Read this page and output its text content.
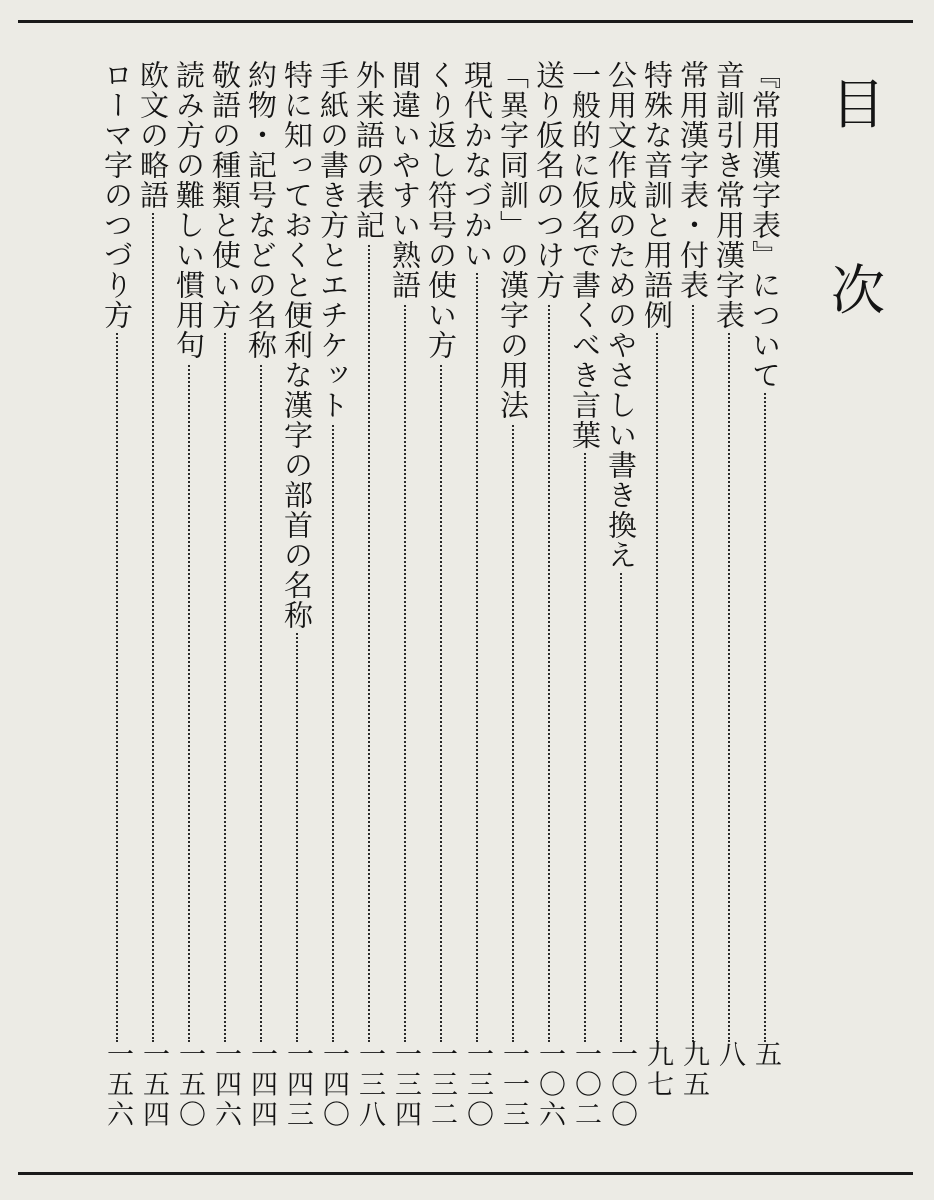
目
次
『常用漢字表』について
五
音訓引き常用漢字表
八
常用漢字表・付表
九五
特殊な音訓と用語例
九七
公用文作成のためのやさしい書き換え
一〇〇
一般的に仮名で書くべき言葉
一〇二
送り仮名のつけ方
一〇六
「異字同訓」の漢字の用法
一一三
現代かなづかい
一三〇
くり返し符号の使い方
一三二
間違いやすい熟語
一三四
外来語の表記
一三八
手紙の書き方とエチケット
一四〇
特に知っておくと便利な漢字の部首の名称
一四三
約物・記号などの名称
一四四
敬語の種類と使い方
一四六
読み方の難しい慣用句
一五〇
欧文の略語
一五四
ローマ字のつづり方
一五六
